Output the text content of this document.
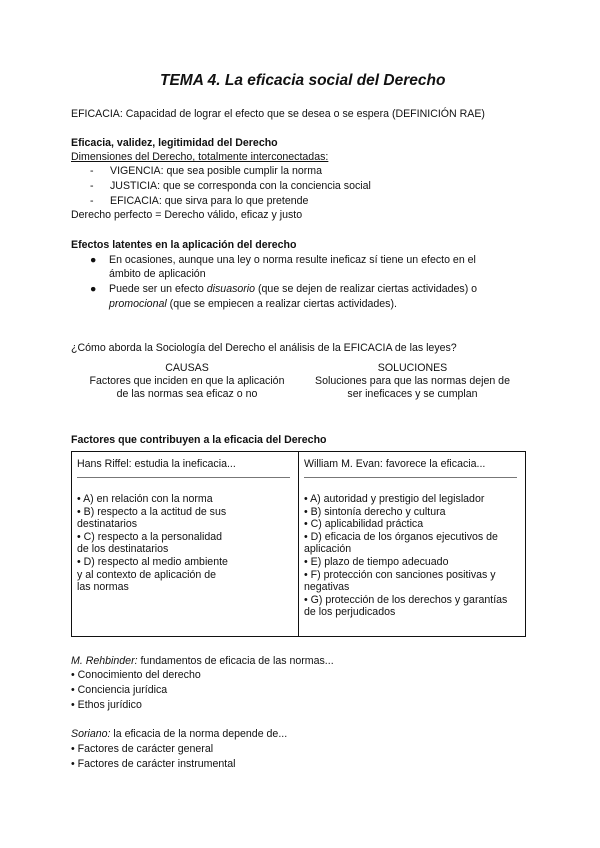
TEMA 4. La eficacia social del Derecho
EFICACIA: Capacidad de lograr el efecto que se desea o se espera (DEFINICIÓN RAE)
Eficacia, validez, legitimidad del Derecho
Dimensiones del Derecho, totalmente interconectadas:
- VIGENCIA: que sea posible cumplir la norma
- JUSTICIA: que se corresponda con la conciencia social
- EFICACIA: que sirva para lo que pretende
Derecho perfecto = Derecho válido, eficaz y justo
Efectos latentes en la aplicación del derecho
● En ocasiones, aunque una ley o norma resulte ineficaz sí tiene un efecto en el
ámbito de aplicación
● Puede ser un efecto disuasorio (que se dejen de realizar ciertas actividades) o
promocional (que se empiecen a realizar ciertas actividades).
¿Cómo aborda la Sociología del Derecho el análisis de la EFICACIA de las leyes?
CAUSAS
Factores que inciden en que la aplicación
de las normas sea eficaz o no
SOLUCIONES
Soluciones para que las normas dejen de
ser ineficaces y se cumplan
Factores que contribuyen a la eficacia del Derecho
Hans Riffel: estudia la ineficacia...
• A) en relación con la norma
• B) respecto a la actitud de sus
destinatarios
• C) respecto a la personalidad
de los destinatarios
• D) respecto al medio ambiente
y al contexto de aplicación de
las normas
William M. Evan: favorece la eficacia...
• A) autoridad y prestigio del legislador
• B) sintonía derecho y cultura
• C) aplicabilidad práctica
• D) eficacia de los órganos ejecutivos de
aplicación
• E) plazo de tiempo adecuado
• F) protección con sanciones positivas y
negativas
• G) protección de los derechos y garantías
de los perjudicados
M. Rehbinder: fundamentos de eficacia de las normas...
• Conocimiento del derecho
• Conciencia jurídica
• Ethos jurídico
Soriano: la eficacia de la norma depende de...
• Factores de carácter general
• Factores de carácter instrumental
